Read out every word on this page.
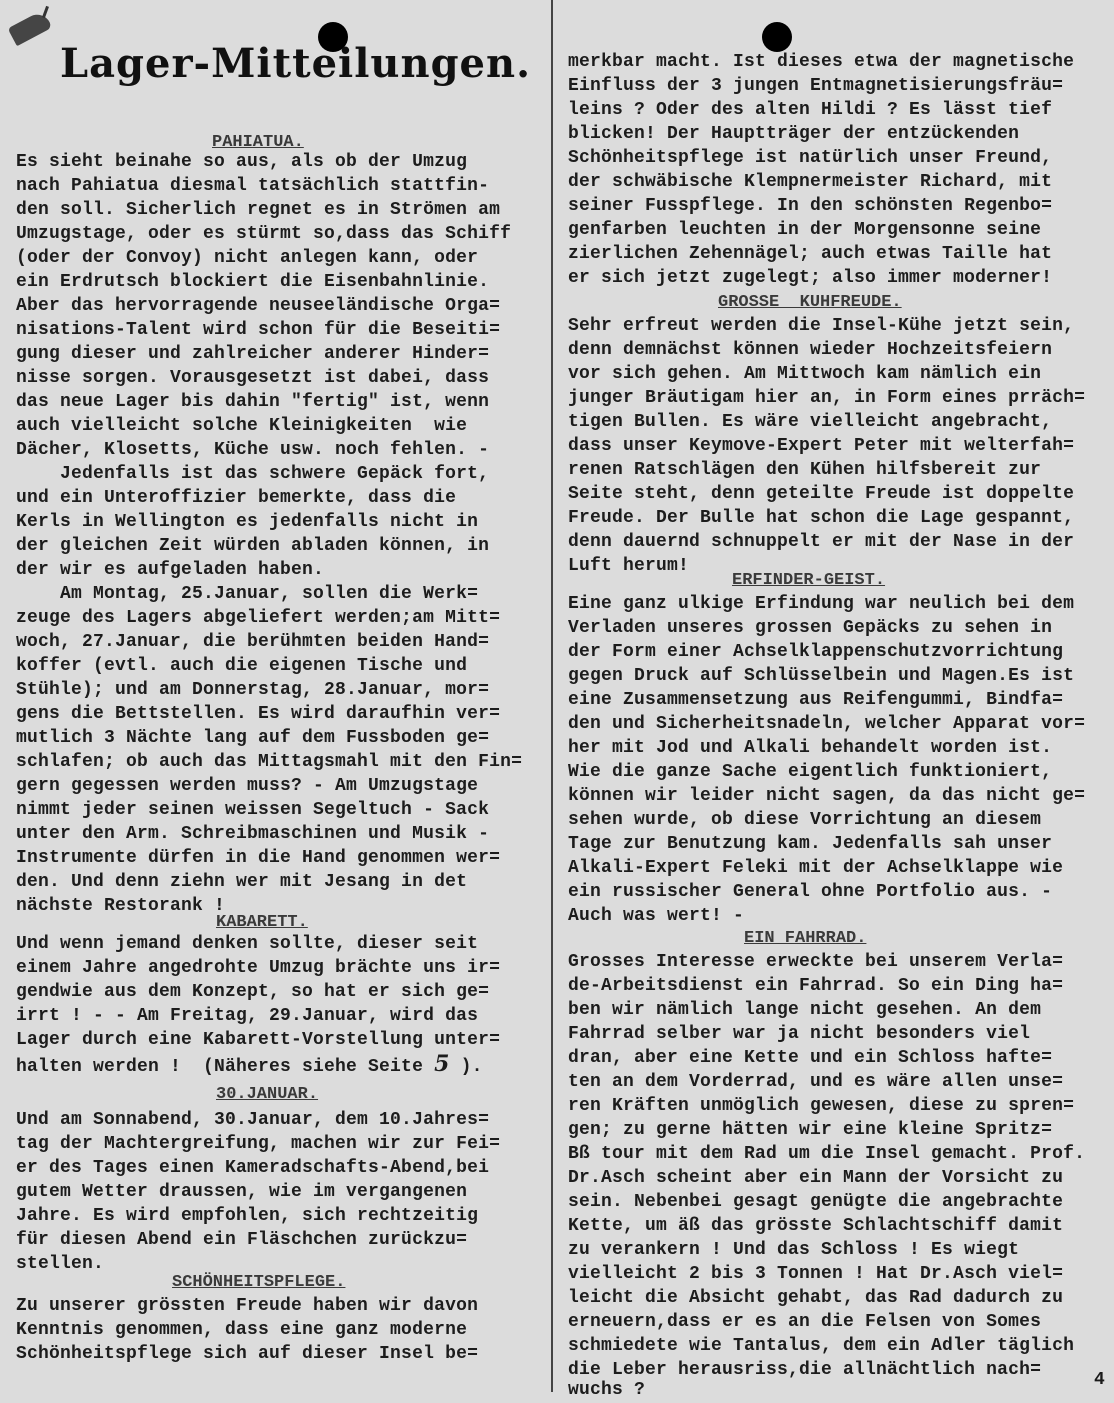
Lager-Mitteilungen.
PAHIATUA.
Es sieht beinahe so aus, als ob der Umzug
nach Pahiatua diesmal tatsächlich stattfin-
den soll. Sicherlich regnet es in Strömen am
Umzugstage, oder es stürmt so,dass das Schiff
(oder der Convoy) nicht anlegen kann, oder
ein Erdrutsch blockiert die Eisenbahnlinie.
Aber das hervorragende neuseeländische Orga=
nisations-Talent wird schon für die Beseiti=
gung dieser und zahlreicher anderer Hinder=
nisse sorgen. Vorausgesetzt ist dabei, dass
das neue Lager bis dahin "fertig" ist, wenn
auch vielleicht solche Kleinigkeiten  wie
Dächer, Klosetts, Küche usw. noch fehlen. -
Jedenfalls ist das schwere Gepäck fort,
und ein Unteroffizier bemerkte, dass die
Kerls in Wellington es jedenfalls nicht in
der gleichen Zeit würden abladen können, in
der wir es aufgeladen haben.
Am Montag, 25.Januar, sollen die Werk=
zeuge des Lagers abgeliefert werden;am Mitt=
woch, 27.Januar, die berühmten beiden Hand=
koffer (evtl. auch die eigenen Tische und
Stühle); und am Donnerstag, 28.Januar, mor=
gens die Bettstellen. Es wird daraufhin ver=
mutlich 3 Nächte lang auf dem Fussboden ge=
schlafen; ob auch das Mittagsmahl mit den Fin=
gern gegessen werden muss? - Am Umzugstage
nimmt jeder seinen weissen Segeltuch - Sack
unter den Arm. Schreibmaschinen und Musik -
Instrumente dürfen in die Hand genommen wer=
den. Und denn ziehn wer mit Jesang in det
nächste Restorank !
KABARETT.
Und wenn jemand denken sollte, dieser seit
einem Jahre angedrohte Umzug brächte uns ir=
gendwie aus dem Konzept, so hat er sich ge=
irrt ! - - Am Freitag, 29.Januar, wird das
Lager durch eine Kabarett-Vorstellung unter=
halten werden !  (Näheres siehe Seite 5 ).
30.JANUAR.
Und am Sonnabend, 30.Januar, dem 10.Jahres=
tag der Machtergreifung, machen wir zur Fei=
er des Tages einen Kameradschafts-Abend,bei
gutem Wetter draussen, wie im vergangenen
Jahre. Es wird empfohlen, sich rechtzeitig
für diesen Abend ein Fläschchen zurückzu=
stellen.
SCHÖNHEITSPFLEGE.
Zu unserer grössten Freude haben wir davon
Kenntnis genommen, dass eine ganz moderne
Schönheitspflege sich auf dieser Insel be=
merkbar macht. Ist dieses etwa der magnetische
Einfluss der 3 jungen Entmagnetisierungsfräu=
leins ? Oder des alten Hildi ? Es lässt tief
blicken! Der Hauptträger der entzückenden
Schönheitspflege ist natürlich unser Freund,
der schwäbische Klempnermeister Richard, mit
seiner Fusspflege. In den schönsten Regenbo=
genfarben leuchten in der Morgensonne seine
zierlichen Zehennägel; auch etwas Taille hat
er sich jetzt zugelegt; also immer moderner!
GROSSE  KUHFREUDE.
Sehr erfreut werden die Insel-Kühe jetzt sein,
denn demnächst können wieder Hochzeitsfeiern
vor sich gehen. Am Mittwoch kam nämlich ein
junger Bräutigam hier an, in Form eines prräch=
tigen Bullen. Es wäre vielleicht angebracht,
dass unser Keymove-Expert Peter mit welterfah=
renen Ratschlägen den Kühen hilfsbereit zur
Seite steht, denn geteilte Freude ist doppelte
Freude. Der Bulle hat schon die Lage gespannt,
denn dauernd schnuppelt er mit der Nase in der
Luft herum!
ERFINDER-GEIST.
Eine ganz ulkige Erfindung war neulich bei dem
Verladen unseres grossen Gepäcks zu sehen in
der Form einer Achselklappenschutzvorrichtung
gegen Druck auf Schlüsselbein und Magen.Es ist
eine Zusammensetzung aus Reifengummi, Bindfa=
den und Sicherheitsnadeln, welcher Apparat vor=
her mit Jod und Alkali behandelt worden ist.
Wie die ganze Sache eigentlich funktioniert,
können wir leider nicht sagen, da das nicht ge=
sehen wurde, ob diese Vorrichtung an diesem
Tage zur Benutzung kam. Jedenfalls sah unser
Alkali-Expert Feleki mit der Achselklappe wie
ein russischer General ohne Portfolio aus. -
Auch was wert! -
EIN FAHRRAD.
Grosses Interesse erweckte bei unserem Verla=
de-Arbeitsdienst ein Fahrrad. So ein Ding ha=
ben wir nämlich lange nicht gesehen. An dem
Fahrrad selber war ja nicht besonders viel
dran, aber eine Kette und ein Schloss hafte=
ten an dem Vorderrad, und es wäre allen unse=
ren Kräften unmöglich gewesen, diese zu spren=
gen; zu gerne hätten wir eine kleine Spritz=
Bß tour mit dem Rad um die Insel gemacht. Prof.
Dr.Asch scheint aber ein Mann der Vorsicht zu
sein. Nebenbei gesagt genügte die angebrachte
Kette, um äß das grösste Schlachtschiff damit
zu verankern ! Und das Schloss ! Es wiegt
vielleicht 2 bis 3 Tonnen ! Hat Dr.Asch viel=
leicht die Absicht gehabt, das Rad dadurch zu
erneuern,dass er es an die Felsen von Somes
schmiedete wie Tantalus, dem ein Adler täglich
die Leber herausriss,die allnächtlich nach=
wuchs ?	4
